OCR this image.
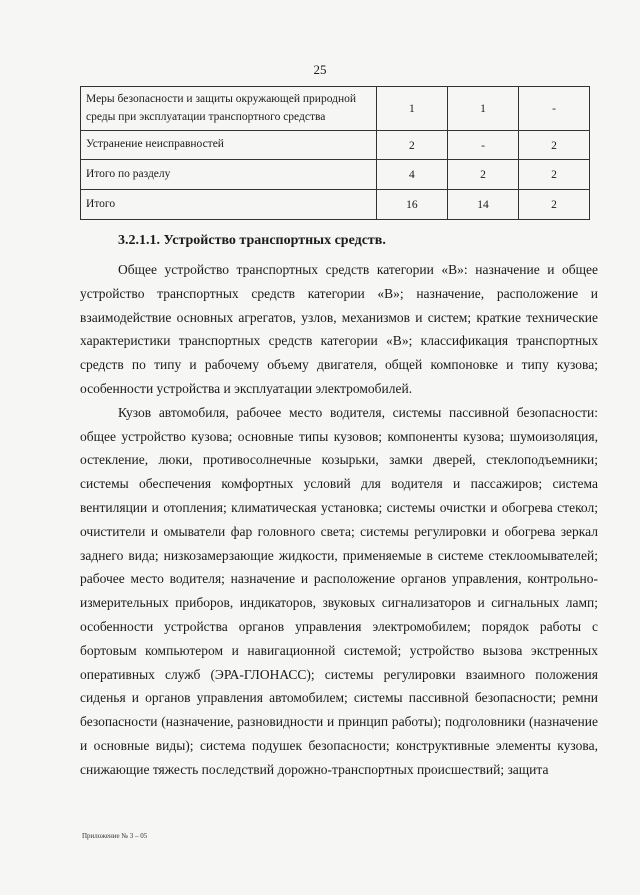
25
Меры безопасности и защиты окружающей природной среды при эксплуатации транспортного средства	1	1	-
Устранение неисправностей	2	-	2
Итого по разделу	4	2	2
Итого	16	14	2
3.2.1.1. Устройство транспортных средств.

Общее устройство транспортных средств категории «B»: назначение и общее устройство транспортных средств категории «B»; назначение, расположение и взаимодействие основных агрегатов, узлов, механизмов и систем; краткие технические характеристики транспортных средств категории «B»; классификация транспортных средств по типу и рабочему объему двигателя, общей компоновке и типу кузова; особенности устройства и эксплуатации электромобилей.

Кузов автомобиля, рабочее место водителя, системы пассивной безопасности: общее устройство кузова; основные типы кузовов; компоненты кузова; шумоизоляция, остекление, люки, противосолнечные козырьки, замки дверей, стеклоподъемники; системы обеспечения комфортных условий для водителя и пассажиров; система вентиляции и отопления; климатическая установка; системы очистки и обогрева стекол; очистители и омыватели фар головного света; системы регулировки и обогрева зеркал заднего вида; низкозамерзающие жидкости, применяемые в системе стеклоомывателей; рабочее место водителя; назначение и расположение органов управления, контрольно-измерительных приборов, индикаторов, звуковых сигнализаторов и сигнальных ламп; особенности устройства органов управления электромобилем; порядок работы с бортовым компьютером и навигационной системой; устройство вызова экстренных оперативных служб (ЭРА-ГЛОНАСС); системы регулировки взаимного положения сиденья и органов управления автомобилем; системы пассивной безопасности; ремни безопасности (назначение, разновидности и принцип работы); подголовники (назначение и основные виды); система подушек безопасности; конструктивные элементы кузова, снижающие тяжесть последствий дорожно-транспортных происшествий; защита

Приложение № 3 – 05
